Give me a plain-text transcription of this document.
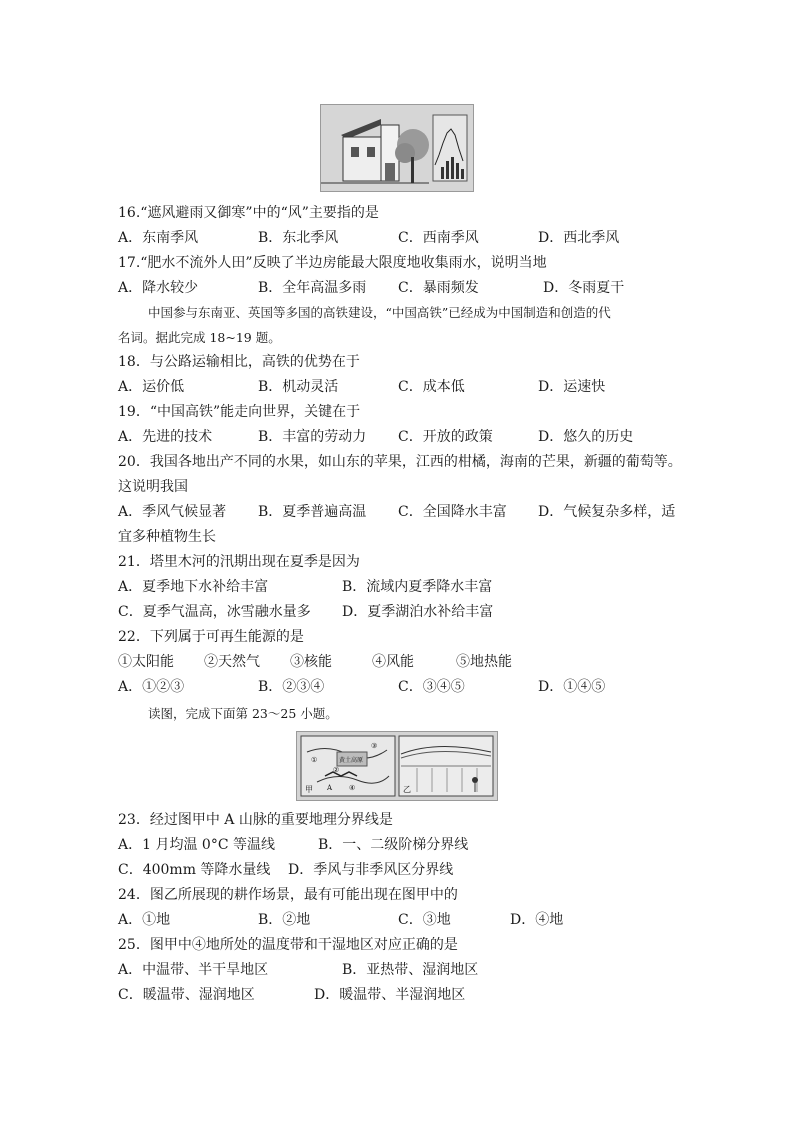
16.“遮风避雨又御寒”中的“风”主要指的是
A．东南季风	B．东北季风	C．西南季风	D．西北季风
17.“肥水不流外人田”反映了半边房能最大限度地收集雨水，说明当地
A．降水较少	B．全年高温多雨 C．暴雨频发	D．冬雨夏干
中国参与东南亚、英国等多国的高铁建设，“中国高铁”已经成为中国制造和创造的代
名词。据此完成 18~19 题。
18．与公路运输相比，高铁的优势在于
A．运价低	B．机动灵活	C．成本低	D．运速快
19．“中国高铁”能走向世界，关键在于
A．先进的技术	B．丰富的劳动力 C．开放的政策	D．悠久的历史
20．我国各地出产不同的水果，如山东的苹果，江西的柑橘，海南的芒果，新疆的葡萄等。
这说明我国
A．季风气候显著 B．夏季普遍高温 C．全国降水丰富 D．气候复杂多样，适
宜多种植物生长
21．塔里木河的汛期出现在夏季是因为
A．夏季地下水补给丰富	B．流域内夏季降水丰富
C．夏季气温高，冰雪融水量多 D．夏季湖泊水补给丰富
22．下列属于可再生能源的是
①太阳能 ②天然气 ③核能	④风能	⑤地热能
A．①②③	B．②③④	C．③④⑤	D．①④⑤
读图，完成下面第 23～25 小题。
黄土高原
A
①
②
③
④
甲	乙
23．经过图甲中 A 山脉的重要地理分界线是
A．1 月均温 0°C 等温线	B．一、二级阶梯分界线
C．400mm 等降水量线 D．季风与非季风区分界线
24．图乙所展现的耕作场景，最有可能出现在图甲中的
A．①地	B．②地	C．③地	D．④地
25．图甲中④地所处的温度带和干湿地区对应正确的是
A．中温带、半干旱地区	B．亚热带、湿润地区
C．暖温带、湿润地区	D．暖温带、半湿润地区
